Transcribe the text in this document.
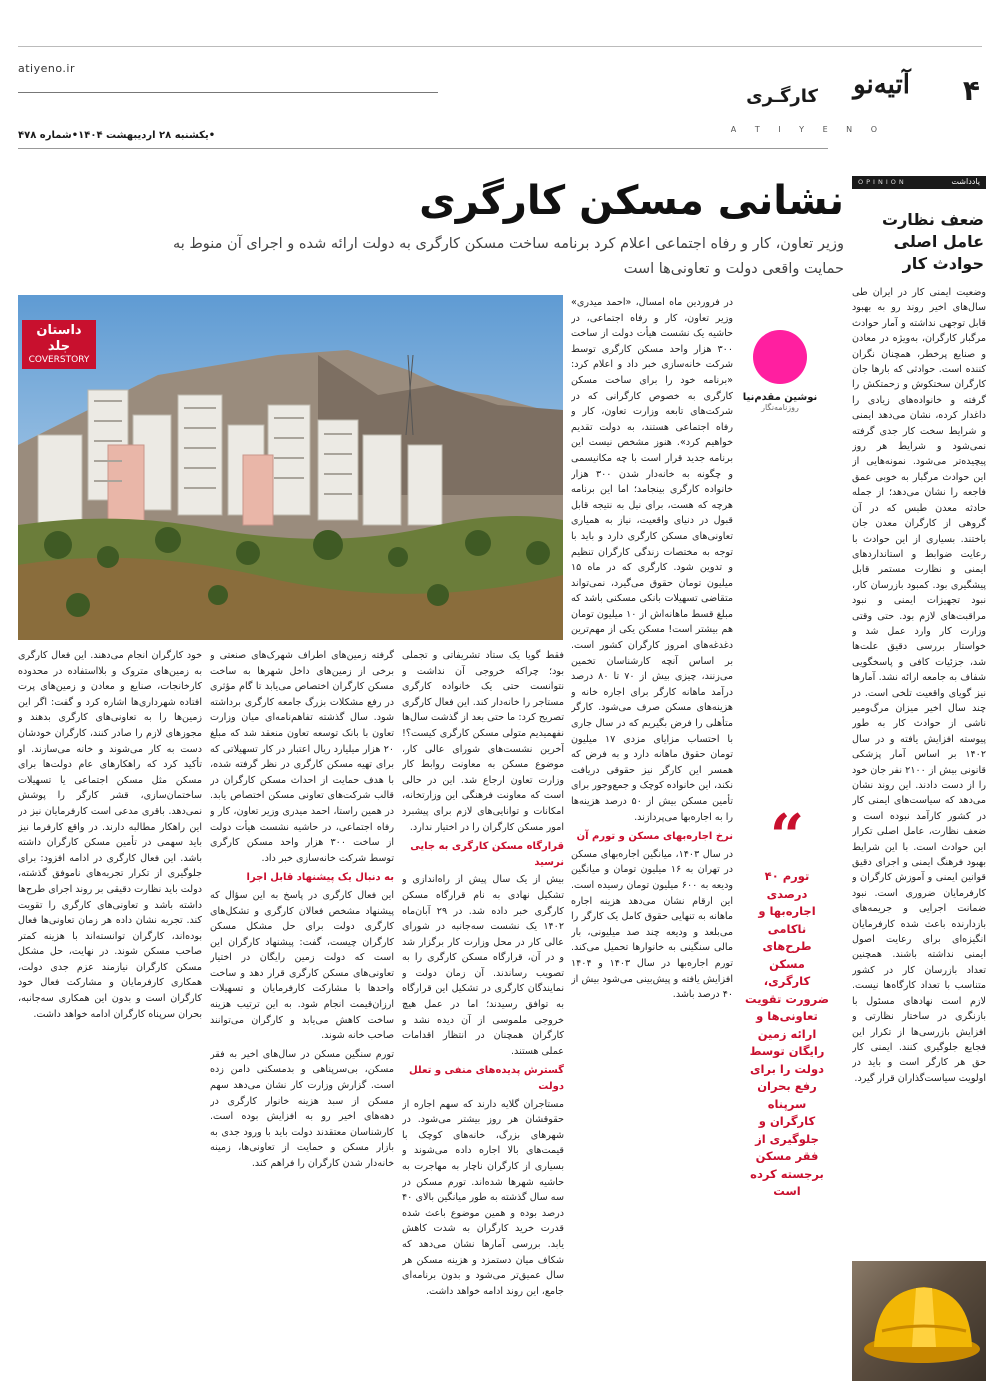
atiyeno.ir
۴
آتیه‌نو
کارگـری
A T I Y E N O
•یکشنبه ۲۸ اردیبهشت ۱۴۰۴•شماره ۴۷۸
یادداشت
OPINION
ضعف نظارت عامل اصلی حوادث کار
وضعیت ایمنی کار در ایران طی سال‌های اخیر روند رو به بهبود قابل توجهی نداشته و آمار حوادث مرگبار کارگران، به‌ویژه در معادن و صنایع پرخطر، همچنان نگران کننده است. حوادثی که بارها جان کارگران سختکوش و زحمتکش را گرفته و خانواده‌های زیادی را داغدار کرده، نشان می‌دهد ایمنی و شرایط سخت کار جدی گرفته نمی‌شود و شرایط هر روز پیچیده‌تر می‌شود. نمونه‌هایی از این حوادث مرگبار به خوبی عمق فاجعه را نشان می‌دهد؛ از جمله حادثه معدن طبس که در آن گروهی از کارگران معدن جان باختند. بسیاری از این حوادث با رعایت ضوابط و استانداردهای ایمنی و نظارت مستمر قابل پیشگیری بود. کمبود بازرسان کار، نبود تجهیزات ایمنی و نبود مراقبت‌های لازم بود. حتی وقتی وزارت کار وارد عمل شد و خواستار بررسی دقیق علت‌ها شد، جزئیات کافی و پاسخگویی شفاف به جامعه ارائه نشد. آمارها نیز گویای واقعیت تلخی است. در چند سال اخیر میزان مرگ‌ومیر ناشی از حوادث کار به طور پیوسته افزایش یافته و در سال ۱۴۰۲ بر اساس آمار پزشکی قانونی بیش از ۲۱۰۰ نفر جان خود را از دست دادند. این روند نشان می‌دهد که سیاست‌های ایمنی کار در کشور کارآمد نبوده است و ضعف نظارت، عامل اصلی تکرار این حوادث است. با این شرایط بهبود فرهنگ ایمنی و اجرای دقیق قوانین ایمنی و آموزش کارگران و کارفرمایان ضروری است. نبود ضمانت اجرایی و جریمه‌های بازدارنده باعث شده کارفرمایان انگیزه‌ای برای رعایت اصول ایمنی نداشته باشند. همچنین تعداد بازرسان کار در کشور متناسب با تعداد کارگاه‌ها نیست. لازم است نهادهای مسئول با بازنگری در ساختار نظارتی و افزایش بازرسی‌ها از تکرار این فجایع جلوگیری کنند. ایمنی کار حق هر کارگر است و باید در اولویت سیاست‌گذاران قرار گیرد.
نشانی مسکن کارگری
وزیر تعاون، کار و رفاه اجتماعی اعلام کرد برنامه ساخت مسکن کارگری به دولت ارائه شده و اجرای آن منوط به حمایت واقعی دولت و تعاونی‌ها است
داستان جلد
COVERSTORY
نوشین مقدم‌نیا
روزنامه‌نگار
“
تورم ۴۰ درصدی اجاره‌بها و ناکامی طرح‌های مسکن کارگری، ضرورت تقویت تعاونی‌ها و ارائه زمین رایگان توسط دولت را برای رفع بحران سرپناه کارگران و جلوگیری از فقر مسکن برجسته کرده است

در فروردین ماه امسال، «احمد میدری» وزیر تعاون، کار و رفاه اجتماعی، در حاشیه یک نشست هیأت دولت از ساخت ۳۰۰ هزار واحد مسکن کارگری توسط شرکت خانه‌سازی خبر داد و اعلام کرد: «برنامه خود را برای ساخت مسکن کارگری به خصوص کارگرانی که در شرکت‌های تابعه وزارت تعاون، کار و رفاه اجتماعی هستند، به دولت تقدیم خواهیم کرد». هنوز مشخص نیست این برنامه جدید قرار است با چه مکانیسمی و چگونه به خانه‌دار شدن ۳۰۰ هزار خانواده کارگری بینجامد؛ اما این برنامه هرچه که هست، برای نیل به نتیجه قابل قبول در دنیای واقعیت، نیاز به همیاری تعاونی‌های مسکن کارگری دارد و باید با توجه به مختصات زندگی کارگران تنظیم و تدوین شود. کارگری که در ماه ۱۵ میلیون تومان حقوق می‌گیرد، نمی‌تواند متقاضی تسهیلات بانکی مسکنی باشد که مبلغ قسط ماهانه‌اش از ۱۰ میلیون تومان هم بیشتر است! مسکن یکی از مهم‌ترین دغدغه‌های امروز کارگران کشور است. بر اساس آنچه کارشناسان تخمین می‌زنند، چیزی بیش از ۷۰ تا ۸۰ درصد درآمد ماهانه کارگر برای اجاره خانه و هزینه‌های مسکن صرف می‌شود. کارگر متأهلی را فرض بگیریم که در سال جاری با احتساب مزایای مزدی ۱۷ میلیون تومان حقوق ماهانه دارد و به فرض که همسر این کارگر نیز حقوقی دریافت نکند، این خانواده کوچک و جمع‌وجور برای تأمین مسکن بیش از ۵۰ درصد هزینه‌ها را به اجاره‌بها می‌پردازند.

نرخ اجاره‌بهای مسکن و تورم آن

در سال ۱۴۰۳، میانگین اجاره‌بهای مسکن در تهران به ۱۶ میلیون تومان و میانگین ودیعه به ۶۰۰ میلیون تومان رسیده است. این ارقام نشان می‌دهد هزینه اجاره ماهانه به تنهایی حقوق کامل یک کارگر را می‌بلعد و ودیعه چند صد میلیونی، بار مالی سنگینی به خانوارها تحمیل می‌کند. تورم اجاره‌بها در سال ۱۴۰۳ و ۱۴۰۴ افزایش یافته و پیش‌بینی می‌شود بیش از ۴۰ درصد باشد.

فقط گویا یک ستاد تشریفاتی و تجملی بود؛ چراکه خروجی آن نداشت و نتوانست حتی یک خانواده کارگری مستاجر را خانه‌دار کند. این فعال کارگری تصریح کرد: ما حتی بعد از گذشت سال‌ها نفهمیدیم متولی مسکن کارگری کیست؟! آخرین نشست‌های شورای عالی کار، موضوع مسکن به معاونت روابط کار وزارت تعاون ارجاع شد. این در حالی است که معاونت فرهنگی این وزارتخانه، امکانات و توانایی‌های لازم برای پیشبرد امور مسکن کارگران را در اختیار ندارد.

قرارگاه مسکن کارگری به جایی نرسید

بیش از یک سال پیش از راه‌اندازی و تشکیل نهادی به نام قرارگاه مسکن کارگری خبر داده شد. در ۲۹ آبان‌ماه ۱۴۰۲ یک نشست سه‌جانبه در شورای عالی کار در محل وزارت کار برگزار شد و در آن، قرارگاه مسکن کارگری را به تصویب رساندند. آن زمان دولت و نمایندگان کارگری در تشکیل این قرارگاه به توافق رسیدند؛ اما در عمل هیچ خروجی ملموسی از آن دیده نشد و کارگران همچنان در انتظار اقدامات عملی هستند.

گسترش پدیده‌های منفی و تعلل دولت

مستاجران گلایه دارند که سهم اجاره از حقوقشان هر روز بیشتر می‌شود. در شهرهای بزرگ، خانه‌های کوچک با قیمت‌های بالا اجاره داده می‌شوند و بسیاری از کارگران ناچار به مهاجرت به حاشیه شهرها شده‌اند. تورم مسکن در سه سال گذشته به طور میانگین بالای ۴۰ درصد بوده و همین موضوع باعث شده قدرت خرید کارگران به شدت کاهش یابد. بررسی آمارها نشان می‌دهد که شکاف میان دستمزد و هزینه مسکن هر سال عمیق‌تر می‌شود و بدون برنامه‌ای جامع، این روند ادامه خواهد داشت.

گرفته زمین‌های اطراف شهرک‌های صنعتی و برخی از زمین‌های داخل شهرها به ساخت مسکن کارگران اختصاص می‌یابد تا گام مؤثری در رفع مشکلات بزرگ جامعه کارگری برداشته شود. سال گذشته تفاهم‌نامه‌ای میان وزارت تعاون با بانک توسعه تعاون منعقد شد که مبلغ ۲۰ هزار میلیارد ریال اعتبار در کار تسهیلاتی که برای تهیه مسکن کارگری در نظر گرفته شده، با هدف حمایت از احداث مسکن کارگران در قالب شرکت‌های تعاونی مسکن اختصاص یابد. در همین راستا، احمد میدری وزیر تعاون، کار و رفاه اجتماعی، در حاشیه نشست هیأت دولت از ساخت ۳۰۰ هزار واحد مسکن کارگری توسط شرکت خانه‌سازی خبر داد.

به دنبال یک پیشنهاد قابل اجرا

این فعال کارگری در پاسخ به این سؤال که پیشنهاد مشخص فعالان کارگری و تشکل‌های کارگری دولت برای حل مشکل مسکن کارگران چیست، گفت: پیشنهاد کارگران این است که دولت زمین رایگان در اختیار تعاونی‌های مسکن کارگری قرار دهد و ساخت واحدها با مشارکت کارفرمایان و تسهیلات ارزان‌قیمت انجام شود. به این ترتیب هزینه ساخت کاهش می‌یابد و کارگران می‌توانند صاحب خانه شوند.

تورم سنگین مسکن در سال‌های اخیر به فقر مسکن، بی‌سرپناهی و بد‌مسکنی دامن زده است. گزارش وزارت کار نشان می‌دهد سهم مسکن از سبد هزینه خانوار کارگری در دهه‌های اخیر رو به افزایش بوده است. کارشناسان معتقدند دولت باید با ورود جدی به بازار مسکن و حمایت از تعاونی‌ها، زمینه خانه‌دار شدن کارگران را فراهم کند.

خود کارگران انجام می‌دهند. این فعال کارگری به زمین‌های متروک و بلااستفاده در محدوده کارخانجات، صنایع و معادن و زمین‌های پرت افتاده شهرداری‌ها اشاره کرد و گفت: اگر این زمین‌ها را به تعاونی‌های کارگری بدهند و مجوزهای لازم را صادر کنند، کارگران خودشان دست به کار می‌شوند و خانه می‌سازند. او تأکید کرد که راهکارهای عام دولت‌ها برای مسکن مثل مسکن اجتماعی یا تسهیلات ساختمان‌سازی، قشر کارگر را پوشش نمی‌دهد. باقری مدعی است کارفرمایان نیز در این راهکار مطالبه دارند. در واقع کارفرما نیز باید سهمی در تأمین مسکن کارگران داشته باشد. این فعال کارگری در ادامه افزود: برای جلوگیری از تکرار تجربه‌های ناموفق گذشته، دولت باید نظارت دقیقی بر روند اجرای طرح‌ها داشته باشد و تعاونی‌های کارگری را تقویت کند. تجربه نشان داده هر زمان تعاونی‌ها فعال بوده‌اند، کارگران توانسته‌اند با هزینه کمتر صاحب مسکن شوند. در نهایت، حل مشکل مسکن کارگران نیازمند عزم جدی دولت، همکاری کارفرمایان و مشارکت فعال خود کارگران است و بدون این همکاری سه‌جانبه، بحران سرپناه کارگران ادامه خواهد داشت.
